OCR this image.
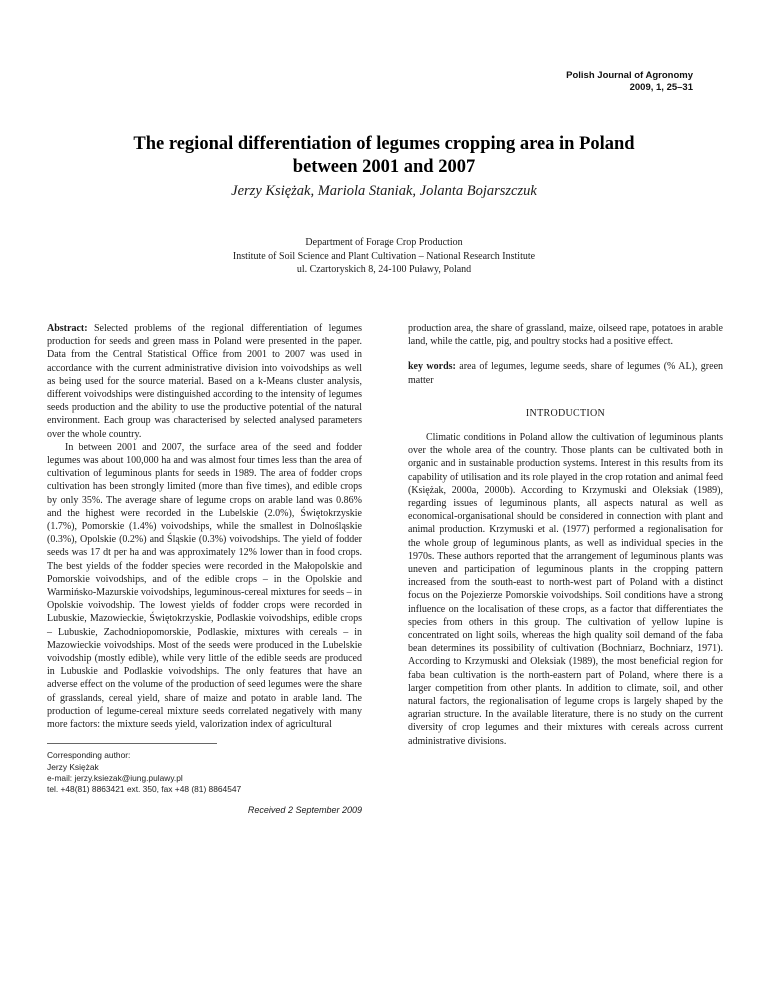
Polish Journal of Agronomy
2009, 1, 25–31
The regional differentiation of legumes cropping area in Poland
between 2001 and 2007

Jerzy Księżak, Mariola Staniak, Jolanta Bojarszczuk

Department of Forage Crop Production
Institute of Soil Science and Plant Cultivation – National Research Institute
ul. Czartoryskich 8, 24-100 Puławy, Poland

Abstract: Selected problems of the regional differentiation of legumes production for seeds and green mass in Poland were presented in the paper. Data from the Central Statistical Office from 2001 to 2007 was used in accordance with the current administrative division into voivodships as well as being used for the source material. Based on a k-Means cluster analysis, different voivodships were distinguished according to the intensity of legumes seeds production and the ability to use the productive potential of the natural environment. Each group was characterised by selected analysed parameters over the whole country.

In between 2001 and 2007, the surface area of the seed and fodder legumes was about 100,000 ha and was almost four times less than the area of cultivation of leguminous plants for seeds in 1989. The area of fodder crops cultivation has been strongly limited (more than five times), and edible crops by only 35%. The average share of legume crops on arable land was 0.86% and the highest were recorded in the Lubelskie (2.0%), Świętokrzyskie (1.7%), Pomorskie (1.4%) voivodships, while the smallest in Dolnośląskie (0.3%), Opolskie (0.2%) and Śląskie (0.3%) voivodships. The yield of fodder seeds was 17 dt per ha and was approximately 12% lower than in food crops. The best yields of the fodder species were recorded in the Małopolskie and Pomorskie voivodships, and of the edible crops – in the Opolskie and Warmińsko-Mazurskie voivodships, leguminous-cereal mixtures for seeds – in Opolskie voivodship. The lowest yields of fodder crops were recorded in Lubuskie, Mazowieckie, Świętokrzyskie, Podlaskie voivodships, edible crops – Lubuskie, Zachodniopomorskie, Podlaskie, mixtures with cereals – in Mazowieckie voivodships. Most of the seeds were produced in the Lubelskie voivodship (mostly edible), while very little of the edible seeds are produced in Lubuskie and Podlaskie voivodships. The only features that have an adverse effect on the volume of the production of seed legumes were the share of grasslands, cereal yield, share of maize and potato in arable land. The production of legume-cereal mixture seeds correlated negatively with many more factors: the mixture seeds yield, valorization index of agricultural

Corresponding author:
Jerzy Księżak
e-mail: jerzy.ksiezak@iung.pulawy.pl
tel. +48(81) 8863421 ext. 350, fax +48 (81) 8864547
Received 2 September 2009

production area, the share of grassland, maize, oilseed rape, potatoes in arable land, while the cattle, pig, and poultry stocks had a positive effect.

key words: area of legumes, legume seeds, share of legumes (% AL), green matter

INTRODUCTION

Climatic conditions in Poland allow the cultivation of leguminous plants over the whole area of the country. Those plants can be cultivated both in organic and in sustainable production systems. Interest in this results from its capability of utilisation and its role played in the crop rotation and animal feed (Księżak, 2000a, 2000b). According to Krzymuski and Oleksiak (1989), regarding issues of leguminous plants, all aspects natural as well as economical-organisational should be considered in connection with plant and animal production. Krzymuski et al. (1977) performed a regionalisation for the whole group of leguminous plants, as well as individual species in the 1970s. These authors reported that the arrangement of leguminous plants was uneven and participation of leguminous plants in the cropping pattern increased from the south-east to north-west part of Poland with a distinct focus on the Pojezierze Pomorskie voivodships. Soil conditions have a strong influence on the localisation of these crops, as a factor that differentiates the species from others in this group. The cultivation of yellow lupine is concentrated on light soils, whereas the high quality soil demand of the faba bean determines its possibility of cultivation (Bochniarz, Bochniarz, 1971). According to Krzymuski and Oleksiak (1989), the most beneficial region for faba bean cultivation is the north-eastern part of Poland, where there is a larger competition from other plants. In addition to climate, soil, and other natural factors, the regionalisation of legume crops is largely shaped by the agrarian structure. In the available literature, there is no study on the current diversity of crop legumes and their mixtures with cereals across current administrative divisions.
